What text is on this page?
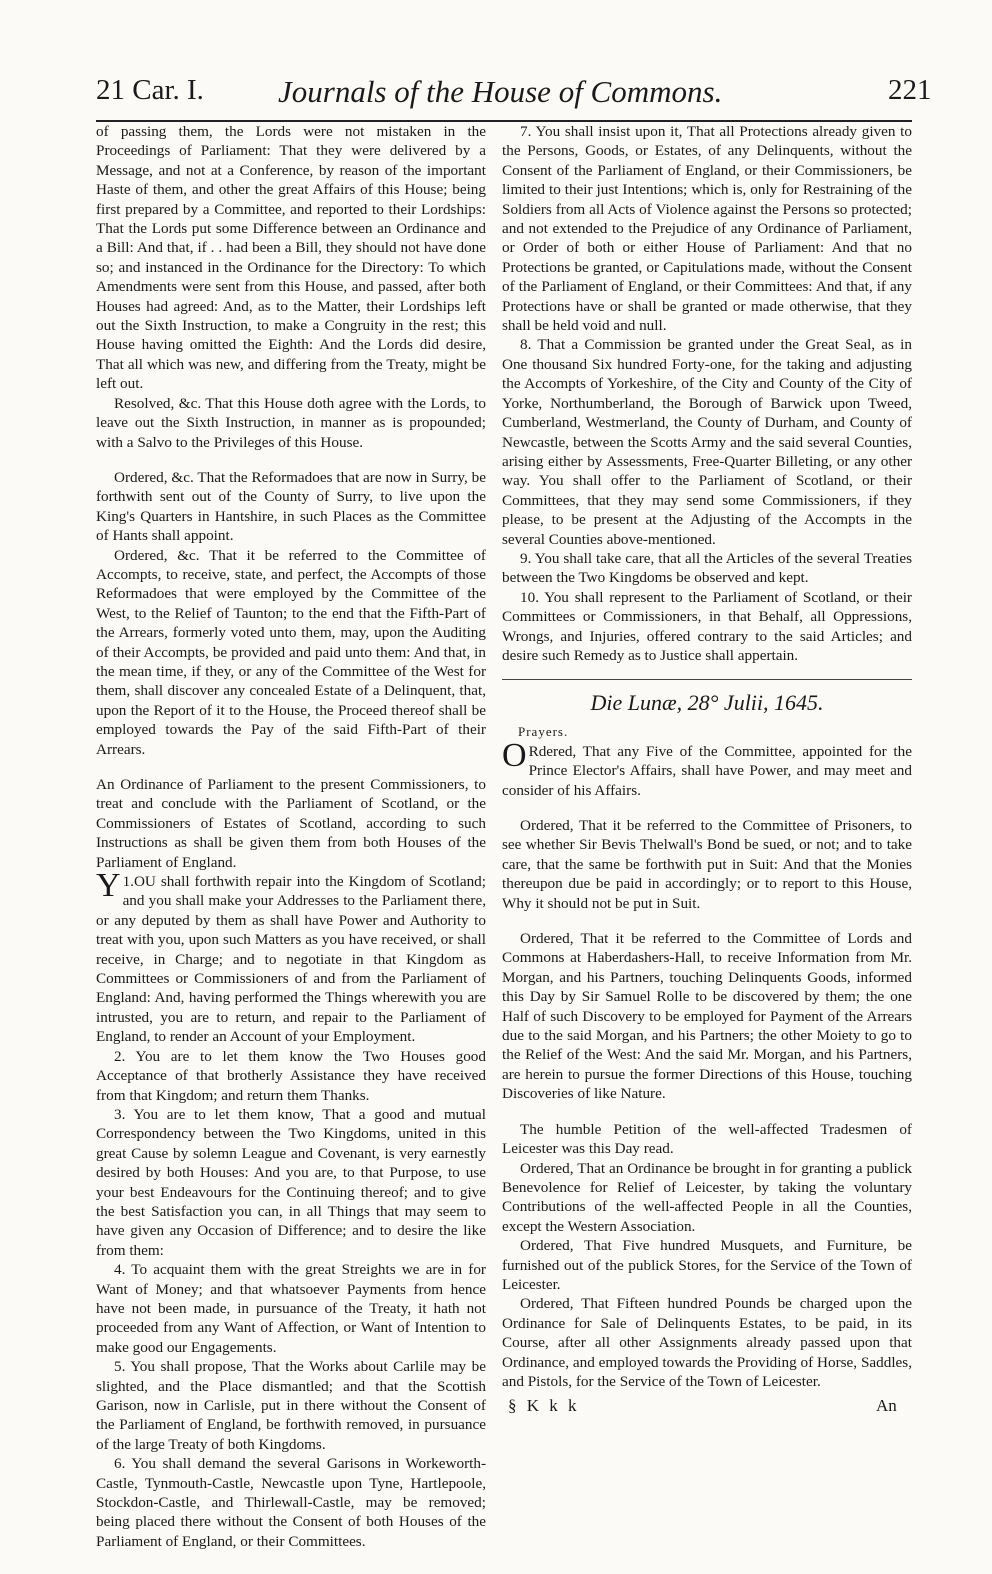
21 Car. I. Journals of the House of Commons.	221

of passing them, the Lords were not mistaken in the Proceedings of Parliament: That they were delivered by a Message, and not at a Conference, by reason of the important Haste of them, and other the great Affairs of this House; being first prepared by a Committee, and reported to their Lordships: That the Lords put some Difference between an Ordinance and a Bill: And that, if . . had been a Bill, they should not have done so; and instanced in the Ordinance for the Directory: To which Amendments were sent from this House, and passed, after both Houses had agreed: And, as to the Matter, their Lordships left out the Sixth Instruction, to make a Congruity in the rest; this House having omitted the Eighth: And the Lords did desire, That all which was new, and differing from the Treaty, might be left out.

Resolved, &c. That this House doth agree with the Lords, to leave out the Sixth Instruction, in manner as is propounded; with a Salvo to the Privileges of this House.

Ordered, &c. That the Reformadoes that are now in Surry, be forthwith sent out of the County of Surry, to live upon the King's Quarters in Hantshire, in such Places as the Committee of Hants shall appoint.

Ordered, &c. That it be referred to the Committee of Accompts, to receive, state, and perfect, the Accompts of those Reformadoes that were employed by the Committee of the West, to the Relief of Taunton; to the end that the Fifth-Part of the Arrears, formerly voted unto them, may, upon the Auditing of their Accompts, be provided and paid unto them: And that, in the mean time, if they, or any of the Committee of the West for them, shall discover any concealed Estate of a Delinquent, that, upon the Report of it to the House, the Proceed thereof shall be employed towards the Pay of the said Fifth-Part of their Arrears.

An Ordinance of Parliament to the present Commissioners, to treat and conclude with the Parliament of Scotland, or the Commissioners of Estates of Scotland, according to such Instructions as shall be given them from both Houses of the Parliament of England.

1.
Y OU shall forthwith repair into the Kingdom of Scotland; and you shall make your Addresses to the Parliament there, or any deputed by them as shall have Power and Authority to treat with you, upon such Matters as you have received, or shall receive, in Charge; and to negotiate in that Kingdom as Committees or Commissioners of and from the Parliament of England: And, having performed the Things wherewith you are intrusted, you are to return, and repair to the Parliament of England, to render an Account of your Employment.

2. You are to let them know the Two Houses good Acceptance of that brotherly Assistance they have received from that Kingdom; and return them Thanks.

3. You are to let them know, That a good and mutual Correspondency between the Two Kingdoms, united in this great Cause by solemn League and Covenant, is very earnestly desired by both Houses: And you are, to that Purpose, to use your best Endeavours for the Continuing thereof; and to give the best Satisfaction you can, in all Things that may seem to have given any Occasion of Difference; and to desire the like from them:

4. To acquaint them with the great Streights we are in for Want of Money; and that whatsoever Payments from hence have not been made, in pursuance of the Treaty, it hath not proceeded from any Want of Affection, or Want of Intention to make good our Engagements.

5. You shall propose, That the Works about Carlile may be slighted, and the Place dismantled; and that the Scottish Garison, now in Carlisle, put in there without the Consent of the Parliament of England, be forthwith removed, in pursuance of the large Treaty of both Kingdoms.

6. You shall demand the several Garisons in Workeworth-Castle, Tynmouth-Castle, Newcastle upon Tyne, Hartlepoole, Stockdon-Castle, and Thirlewall-Castle, may be removed; being placed there without the Consent of both Houses of the Parliament of England, or their Committees.

7. You shall insist upon it, That all Protections already given to the Persons, Goods, or Estates, of any Delinquents, without the Consent of the Parliament of England, or their Commissioners, be limited to their just Intentions; which is, only for Restraining of the Soldiers from all Acts of Violence against the Persons so protected; and not extended to the Prejudice of any Ordinance of Parliament, or Order of both or either House of Parliament: And that no Protections be granted, or Capitulations made, without the Consent of the Parliament of England, or their Committees: And that, if any Protections have or shall be granted or made otherwise, that they shall be held void and null.

8. That a Commission be granted under the Great Seal, as in One thousand Six hundred Forty-one, for the taking and adjusting the Accompts of Yorkeshire, of the City and County of the City of Yorke, Northumberland, the Borough of Barwick upon Tweed, Cumberland, Westmerland, the County of Durham, and County of Newcastle, between the Scotts Army and the said several Counties, arising either by Assessments, Free-Quarter Billeting, or any other way. You shall offer to the Parliament of Scotland, or their Committees, that they may send some Commissioners, if they please, to be present at the Adjusting of the Accompts in the several Counties above-mentioned.

9. You shall take care, that all the Articles of the several Treaties between the Two Kingdoms be observed and kept.

10. You shall represent to the Parliament of Scotland, or their Committees or Commissioners, in that Behalf, all Oppressions, Wrongs, and Injuries, offered contrary to the said Articles; and desire such Remedy as to Justice shall appertain.

Die Lunæ, 28° Julii, 1645.
Prayers.

O Rdered, That any Five of the Committee, appointed for the Prince Elector's Affairs, shall have Power, and may meet and consider of his Affairs.

Ordered, That it be referred to the Committee of Prisoners, to see whether Sir Bevis Thelwall's Bond be sued, or not; and to take care, that the same be forthwith put in Suit: And that the Monies thereupon due be paid in accordingly; or to report to this House, Why it should not be put in Suit.

Ordered, That it be referred to the Committee of Lords and Commons at Haberdashers-Hall, to receive Information from Mr. Morgan, and his Partners, touching Delinquents Goods, informed this Day by Sir Samuel Rolle to be discovered by them; the one Half of such Discovery to be employed for Payment of the Arrears due to the said Morgan, and his Partners; the other Moiety to go to the Relief of the West: And the said Mr. Morgan, and his Partners, are herein to pursue the former Directions of this House, touching Discoveries of like Nature.

The humble Petition of the well-affected Tradesmen of Leicester was this Day read.

Ordered, That an Ordinance be brought in for granting a publick Benevolence for Relief of Leicester, by taking the voluntary Contributions of the well-affected People in all the Counties, except the Western Association.

Ordered, That Five hundred Musquets, and Furniture, be furnished out of the publick Stores, for the Service of the Town of Leicester.

Ordered, That Fifteen hundred Pounds be charged upon the Ordinance for Sale of Delinquents Estates, to be paid, in its Course, after all other Assignments already passed upon that Ordinance, and employed towards the Providing of Horse, Saddles, and Pistols, for the Service of the Town of Leicester.

§ K k k	An
